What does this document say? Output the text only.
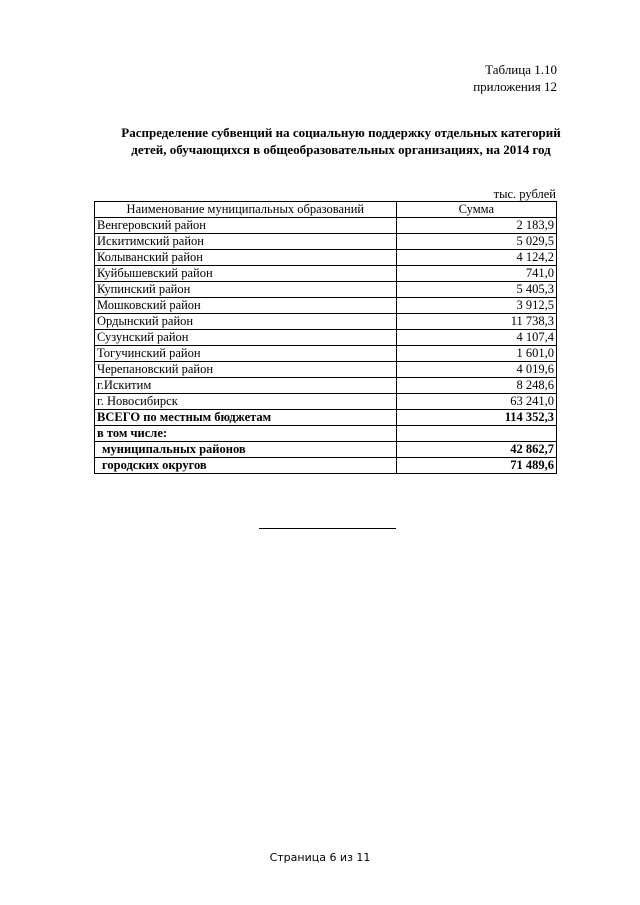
Таблица 1.10
приложения 12
Распределение субвенций на социальную поддержку отдельных категорий
детей, обучающихся в общеобразовательных организациях, на 2014 год
тыс. рублей
Наименование муниципальных образований	Сумма
Венгеровский район	2 183,9
Искитимский район	5 029,5
Колыванский район	4 124,2
Куйбышевский район	741,0
Купинский район	5 405,3
Мошковский район	3 912,5
Ордынский район	11 738,3
Сузунский район	4 107,4
Тогучинский район	1 601,0
Черепановский район	4 019,6
г.Искитим	8 248,6
г. Новосибирск	63 241,0
ВСЕГО по местным бюджетам	114 352,3
в том числе:	
муниципальных районов	42 862,7
городских округов	71 489,6
Страница 6 из 11
